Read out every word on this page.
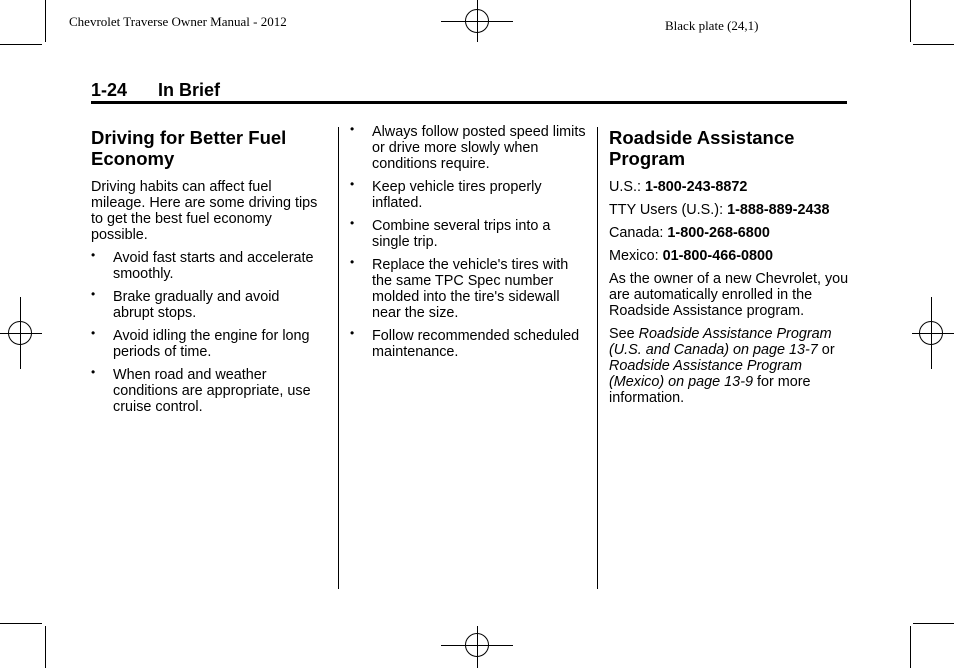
Chevrolet Traverse Owner Manual - 2012	Black plate (24,1)
1-24 In Brief
Driving for Better Fuel Economy

Driving habits can affect fuel mileage. Here are some driving tips to get the best fuel economy possible.

• Avoid fast starts and accelerate smoothly.
• Brake gradually and avoid abrupt stops.
• Avoid idling the engine for long periods of time.
• When road and weather conditions are appropriate, use cruise control.
• Always follow posted speed limits or drive more slowly when conditions require.
• Keep vehicle tires properly inflated.
• Combine several trips into a single trip.
• Replace the vehicle's tires with the same TPC Spec number molded into the tire's sidewall near the size.
• Follow recommended scheduled maintenance.
Roadside Assistance Program

U.S.: 1-800-243-8872

TTY Users (U.S.): 1-888-889-2438

Canada: 1-800-268-6800

Mexico: 01-800-466-0800

As the owner of a new Chevrolet, you are automatically enrolled in the Roadside Assistance program.

See Roadside Assistance Program (U.S. and Canada) on page 13-7 or Roadside Assistance Program (Mexico) on page 13-9 for more information.
